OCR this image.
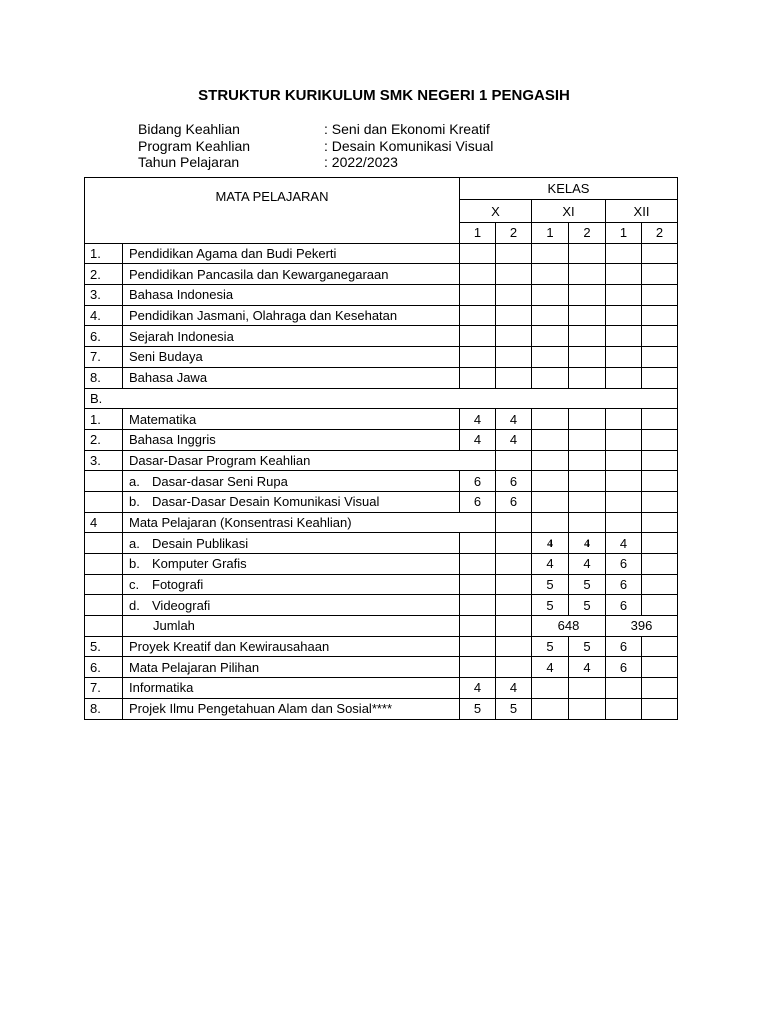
STRUKTUR KURIKULUM SMK NEGERI 1 PENGASIH
Bidang Keahlian	: Seni dan Ekonomi Kreatif
Program Keahlian	: Desain Komunikasi Visual
Tahun Pelajaran	: 2022/2023
MATA PELAJARAN		KELAS					
		X		XI		XII	
		1	2	1	2	1	2
1.	Pendidikan Agama dan Budi Pekerti						
2.	Pendidikan Pancasila dan Kewarganegaraan						
3.	Bahasa Indonesia						
4.	Pendidikan Jasmani, Olahraga dan Kesehatan						
6.	Sejarah Indonesia						
7.	Seni Budaya						
8.	Bahasa Jawa						
B.							
1.	Matematika	4	4				
2.	Bahasa Inggris	4	4				
3.	Dasar-Dasar Program Keahlian						
	a. Dasar-dasar Seni Rupa	6	6				
	b. Dasar-Dasar Desain Komunikasi Visual	6	6				
4	Mata Pelajaran (Konsentrasi Keahlian)						
	a. Desain Publikasi			4	4	4	
	b. Komputer Grafis			4	4	6	
	c. Fotografi			5	5	6	
	d. Videografi			5	5	6	
	Jumlah			648		396	
5.	Proyek Kreatif dan Kewirausahaan			5	5	6	
6.	Mata Pelajaran Pilihan			4	4	6	
7.	Informatika	4	4				
8.	Projek Ilmu Pengetahuan Alam dan Sosial****	5	5				
